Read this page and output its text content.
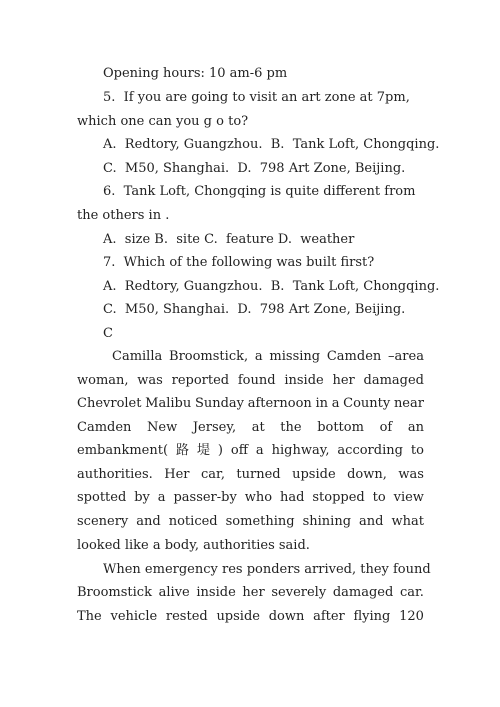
Opening hours: 10 am-6 pm
5.  If you are going to visit an art zone at 7pm,
which one can you g o to?
A.  Redtory, Guangzhou.  B.  Tank Loft, Chongqing.
C.  M50, Shanghai.  D.  798 Art Zone, Beijing.
6.  Tank Loft, Chongqing is quite different from
the others in .
A.  size B.  site C.  feature D.  weather
7.  Which of the following was built first?
A.  Redtory, Guangzhou.  B.  Tank Loft, Chongqing.
C.  M50, Shanghai.  D.  798 Art Zone, Beijing.
C
Camilla Broomstick, a missing Camden –area
woman, was reported found inside her damaged
Chevrolet Malibu Sunday afternoon in a County near
Camden New Jersey, at the bottom of an
embankment( 路 堤 ) off a highway, according to
authorities. Her car, turned upside down, was
spotted by a passer-by who had stopped to view
scenery and noticed something shining and what
looked like a body, authorities said.
When emergency res ponders arrived, they found
Broomstick alive inside her severely damaged car.
The vehicle rested upside down after flying 120
